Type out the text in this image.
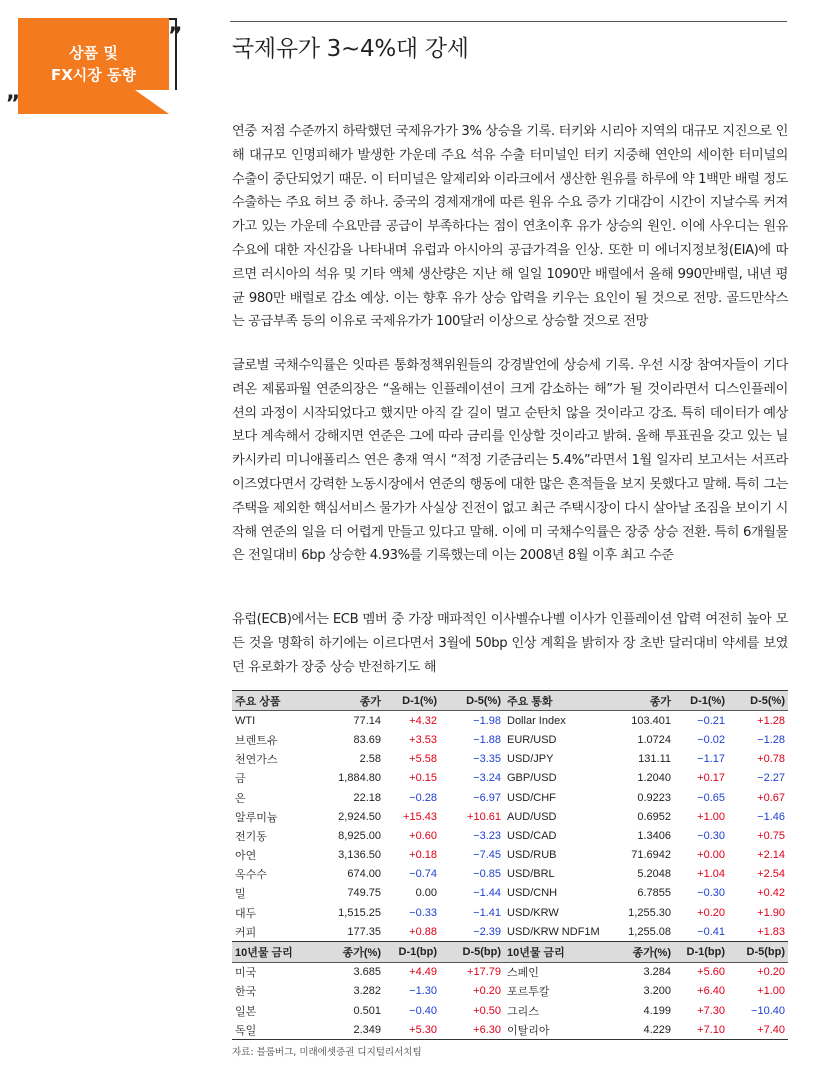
상품 및
FX시장 동향
”
„
국제유가 3~4%대 강세
연중 저점 수준까지 하락했던 국제유가가 3% 상승을 기록. 터키와 시리아 지역의 대규모 지진으로 인해 대규모 인명피해가 발생한 가운데 주요 석유 수출 터미널인 터키 지중해 연안의 세이한 터미널의 수출이 중단되었기 때문. 이 터미널은 알제리와 이라크에서 생산한 원유를 하루에 약 1백만 배럴 정도 수출하는 주요 허브 중 하나. 중국의 경제재개에 따른 원유 수요 증가 기대감이 시간이 지날수록 커져가고 있는 가운데 수요만큼 공급이 부족하다는 점이 연초이후 유가 상승의 원인. 이에 사우디는 원유수요에 대한 자신감을 나타내며 유럽과 아시아의 공급가격을 인상. 또한 미 에너지정보청(EIA)에 따르면 러시아의 석유 및 기타 액체 생산량은 지난 해 일일 1090만 배럴에서 올해 990만배럴, 내년 평균 980만 배럴로 감소 예상. 이는 향후 유가 상승 압력을 키우는 요인이 될 것으로 전망. 골드만삭스는 공급부족 등의 이유로 국제유가가 100달러 이상으로 상승할 것으로 전망
글로벌 국채수익률은 잇따른 통화정책위원들의 강경발언에 상승세 기록. 우선 시장 참여자들이 기다려온 제롬파월 연준의장은 “올해는 인플레이션이 크게 감소하는 해”가 될 것이라면서 디스인플레이션의 과정이 시작되었다고 했지만 아직 갈 길이 멀고 순탄치 않을 것이라고 강조. 특히 데이터가 예상보다 계속해서 강해지면 연준은 그에 따라 금리를 인상할 것이라고 밝혀. 올해 투표권을 갖고 있는 닐 카시카리 미니애폴리스 연은 총재 역시 “적정 기준금리는 5.4%”라면서 1월 일자리 보고서는 서프라이즈였다면서 강력한 노동시장에서 연준의 행동에 대한 많은 흔적들을 보지 못했다고 말해. 특히 그는 주택을 제외한 핵심서비스 물가가 사실상 진전이 없고 최근 주택시장이 다시 살아날 조짐을 보이기 시작해 연준의 일을 더 어렵게 만들고 있다고 말해. 이에 미 국채수익률은 장중 상승 전환. 특히 6개월물은 전일대비 6bp 상승한 4.93%를 기록했는데 이는 2008년 8월 이후 최고 수준
유럽(ECB)에서는 ECB 멤버 중 가장 매파적인 이사벨슈나벨 이사가 인플레이션 압력 여전히 높아 모든 것을 명확히 하기에는 이르다면서 3월에 50bp 인상 계획을 밝히자 장 초반 달러대비 약세를 보였던 유로화가 장중 상승 반전하기도 해
주요 상품	종가	D-1(%)	D-5(%)	주요 통화	종가	D-1(%)	D-5(%)
WTI	77.14	+4.32	−1.98	Dollar Index	103.401	−0.21	+1.28
브렌트유	83.69	+3.53	−1.88	EUR/USD	1.0724	−0.02	−1.28
천연가스	2.58	+5.58	−3.35	USD/JPY	131.11	−1.17	+0.78
금	1,884.80	+0.15	−3.24	GBP/USD	1.2040	+0.17	−2.27
은	22.18	−0.28	−6.97	USD/CHF	0.9223	−0.65	+0.67
알루미늄	2,924.50	+15.43	+10.61	AUD/USD	0.6952	+1.00	−1.46
전기동	8,925.00	+0.60	−3.23	USD/CAD	1.3406	−0.30	+0.75
아연	3,136.50	+0.18	−7.45	USD/RUB	71.6942	+0.00	+2.14
옥수수	674.00	−0.74	−0.85	USD/BRL	5.2048	+1.04	+2.54
밀	749.75	0.00	−1.44	USD/CNH	6.7855	−0.30	+0.42
대두	1,515.25	−0.33	−1.41	USD/KRW	1,255.30	+0.20	+1.90
커피	177.35	+0.88	−2.39	USD/KRW NDF1M	1,255.08	−0.41	+1.83
10년물 금리	종가(%)	D-1(bp)	D-5(bp)	10년물 금리	종가(%)	D-1(bp)	D-5(bp)
미국	3.685	+4.49	+17.79	스페인	3.284	+5.60	+0.20
한국	3.282	−1.30	+0.20	포르투칼	3.200	+6.40	+1.00
일본	0.501	−0.40	+0.50	그리스	4.199	+7.30	−10.40
독일	2.349	+5.30	+6.30	이탈리아	4.229	+7.10	+7.40
자료: 블룸버그, 미래에셋증권 디지털리서치팀
